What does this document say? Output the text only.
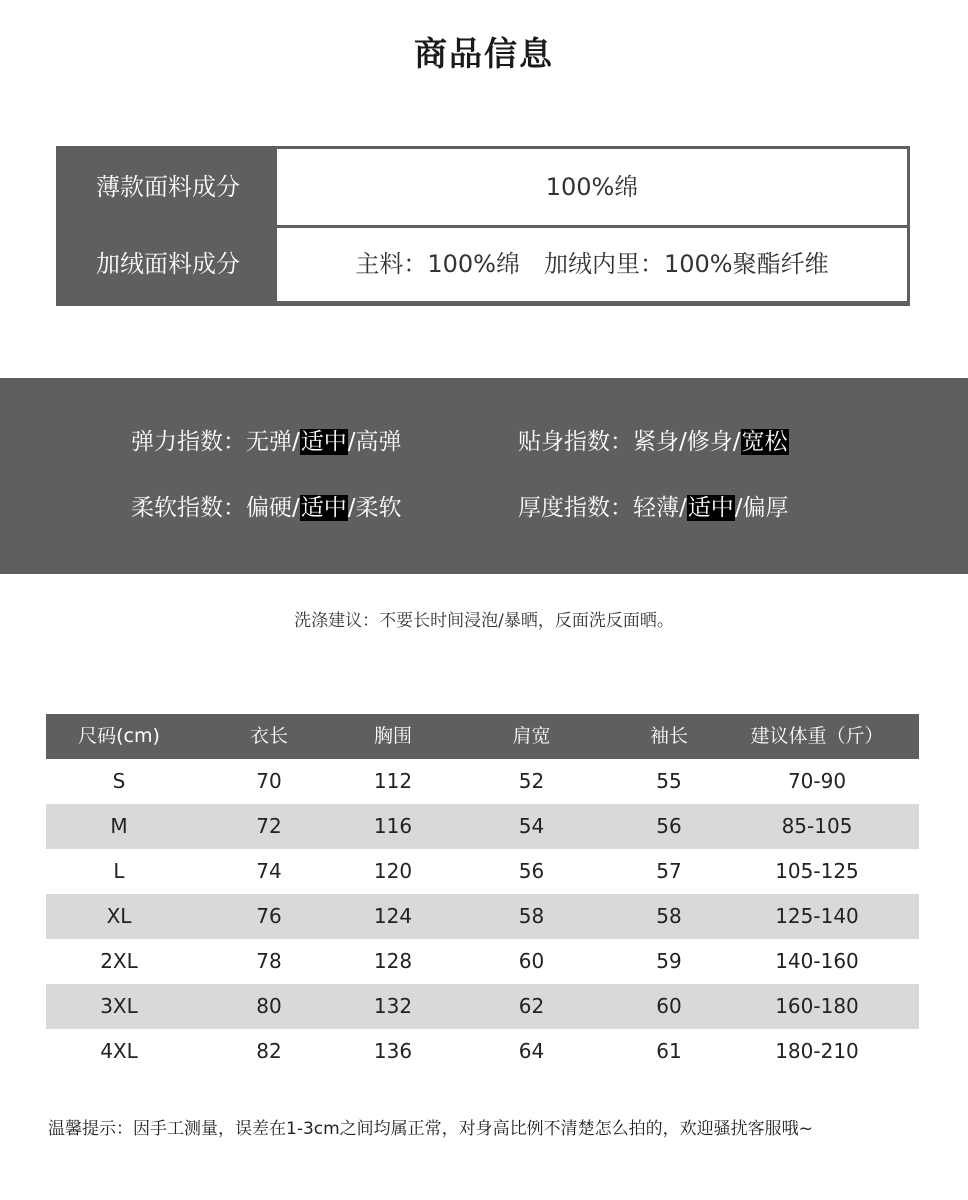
商品信息
薄款面料成分	100%绵
加绒面料成分	主料：100%绵　加绒内里：100%聚酯纤维
弹力指数：无弹/适中/高弹	贴身指数：紧身/修身/宽松
柔软指数：偏硬/适中/柔软	厚度指数：轻薄/适中/偏厚
洗涤建议：不要长时间浸泡/暴晒，反面洗反面晒。
尺码(cm)	衣长	胸围	肩宽	袖长	建议体重（斤）
S	70	112	52	55	70-90
M	72	116	54	56	85-105
L	74	120	56	57	105-125
XL	76	124	58	58	125-140
2XL	78	128	60	59	140-160
3XL	80	132	62	60	160-180
4XL	82	136	64	61	180-210
温馨提示：因手工测量，误差在1-3cm之间均属正常，对身高比例不清楚怎么拍的，欢迎骚扰客服哦~
